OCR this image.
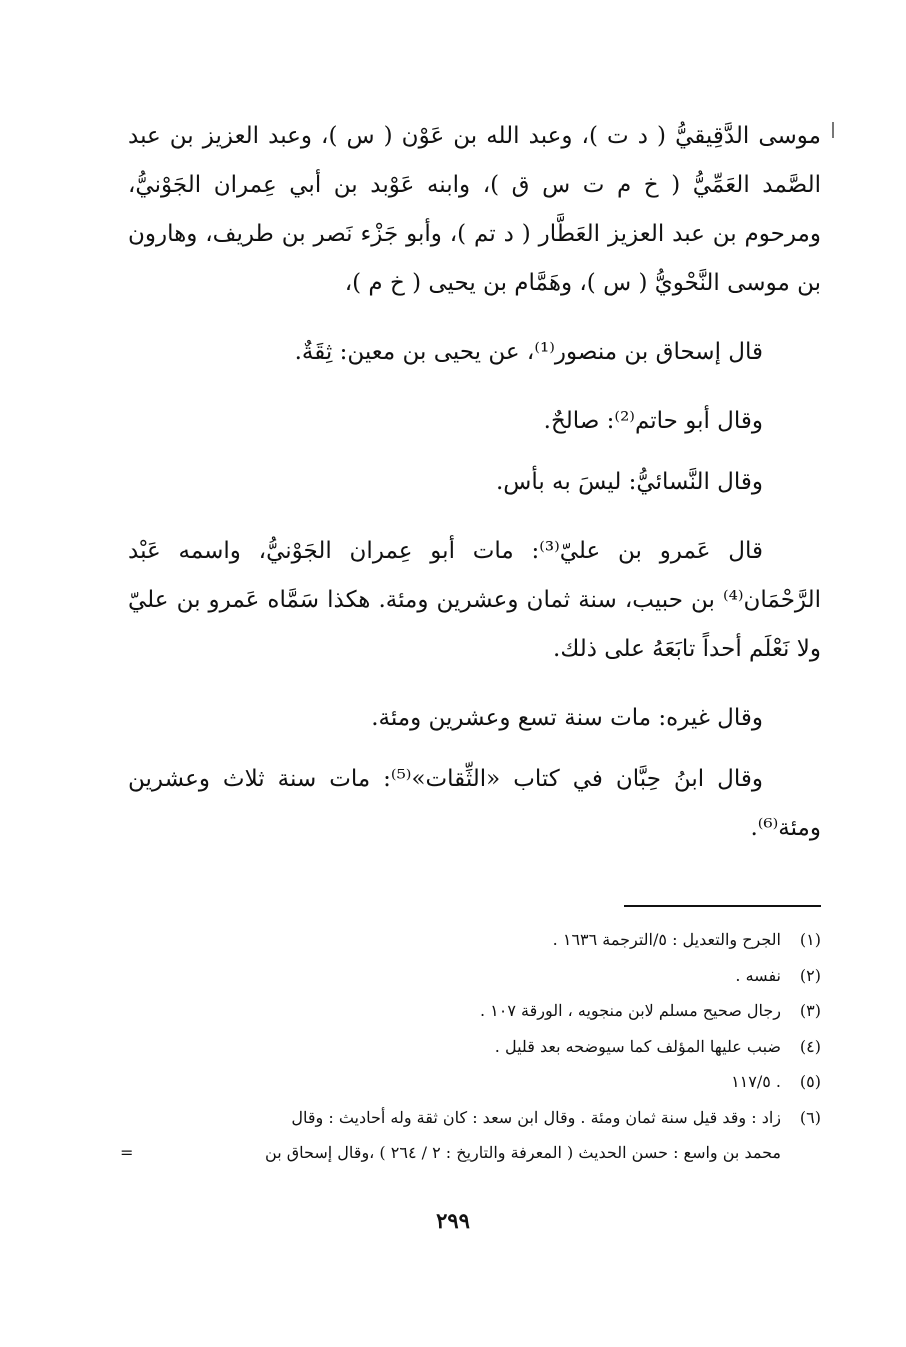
موسى الدَّقِيقيُّ ( د ت )، وعبد الله بن عَوْن ( س )، وعبد العزيز بن عبد الصَّمد العَمِّيُّ ( خ م ت س ق )، وابنه عَوْبد بن أبي عِمران الجَوْنيُّ، ومرحوم بن عبد العزيز العَطَّار ( د تم )، وأبو جَزْء نَصر بن طريف، وهارون بن موسى النَّحْويُّ ( س )، وهَمَّام بن يحيى ( خ م )،

قال إسحاق بن منصور⁽¹⁾، عن يحيى بن معين: ثِقَةٌ.

وقال أبو حاتم⁽²⁾: صالحٌ.

وقال النَّسائيُّ: ليسَ به بأس.

قال عَمرو بن عليّ⁽³⁾: مات أبو عِمران الجَوْنيُّ، واسمه عَبْد الرَّحْمَان⁽⁴⁾ بن حبيب، سنة ثمان وعشرين ومئة. هكذا سَمَّاه عَمرو بن عليّ ولا نَعْلَم أحداً تابَعَهُ على ذلك.

وقال غيره: مات سنة تسع وعشرين ومئة.

وقال ابنُ حِبَّان في كتاب «الثِّقات»⁽⁵⁾: مات سنة ثلاث وعشرين ومئة⁽⁶⁾.

(١)
الجرح والتعديل : ٥/الترجمة ١٦٣٦ .
(٢)
نفسه .
(٣)
رجال صحيح مسلم لابن منجويه ، الورقة ١٠٧ .
(٤)
ضبب عليها المؤلف كما سيوضحه بعد قليل .
(٥)
. ١١٧/٥
(٦)
زاد : وقد قيل سنة ثمان ومئة . وقال ابن سعد : كان ثقة وله أحاديث : وقال
محمد بن واسع : حسن الحديث ( المعرفة والتاريخ : ٢ / ٢٦٤ ) ،وقال إسحاق بن
=
٢٩٩
